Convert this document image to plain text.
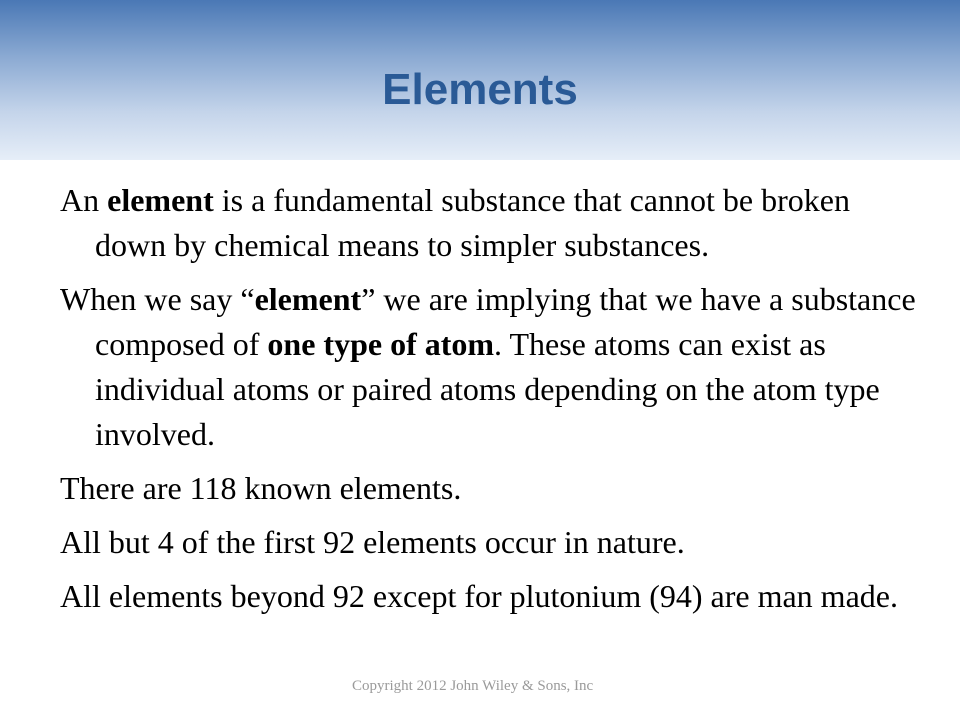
Elements

An element is a fundamental substance that cannot be broken down by chemical means to simpler substances.

When we say “element” we are implying that we have a substance composed of one type of atom. These atoms can exist as individual atoms or paired atoms depending on the atom type involved.

There are 118 known elements.

All but 4 of the first 92 elements occur in nature.

All elements beyond 92 except for plutonium (94) are man made.

Copyright 2012 John Wiley & Sons, Inc
